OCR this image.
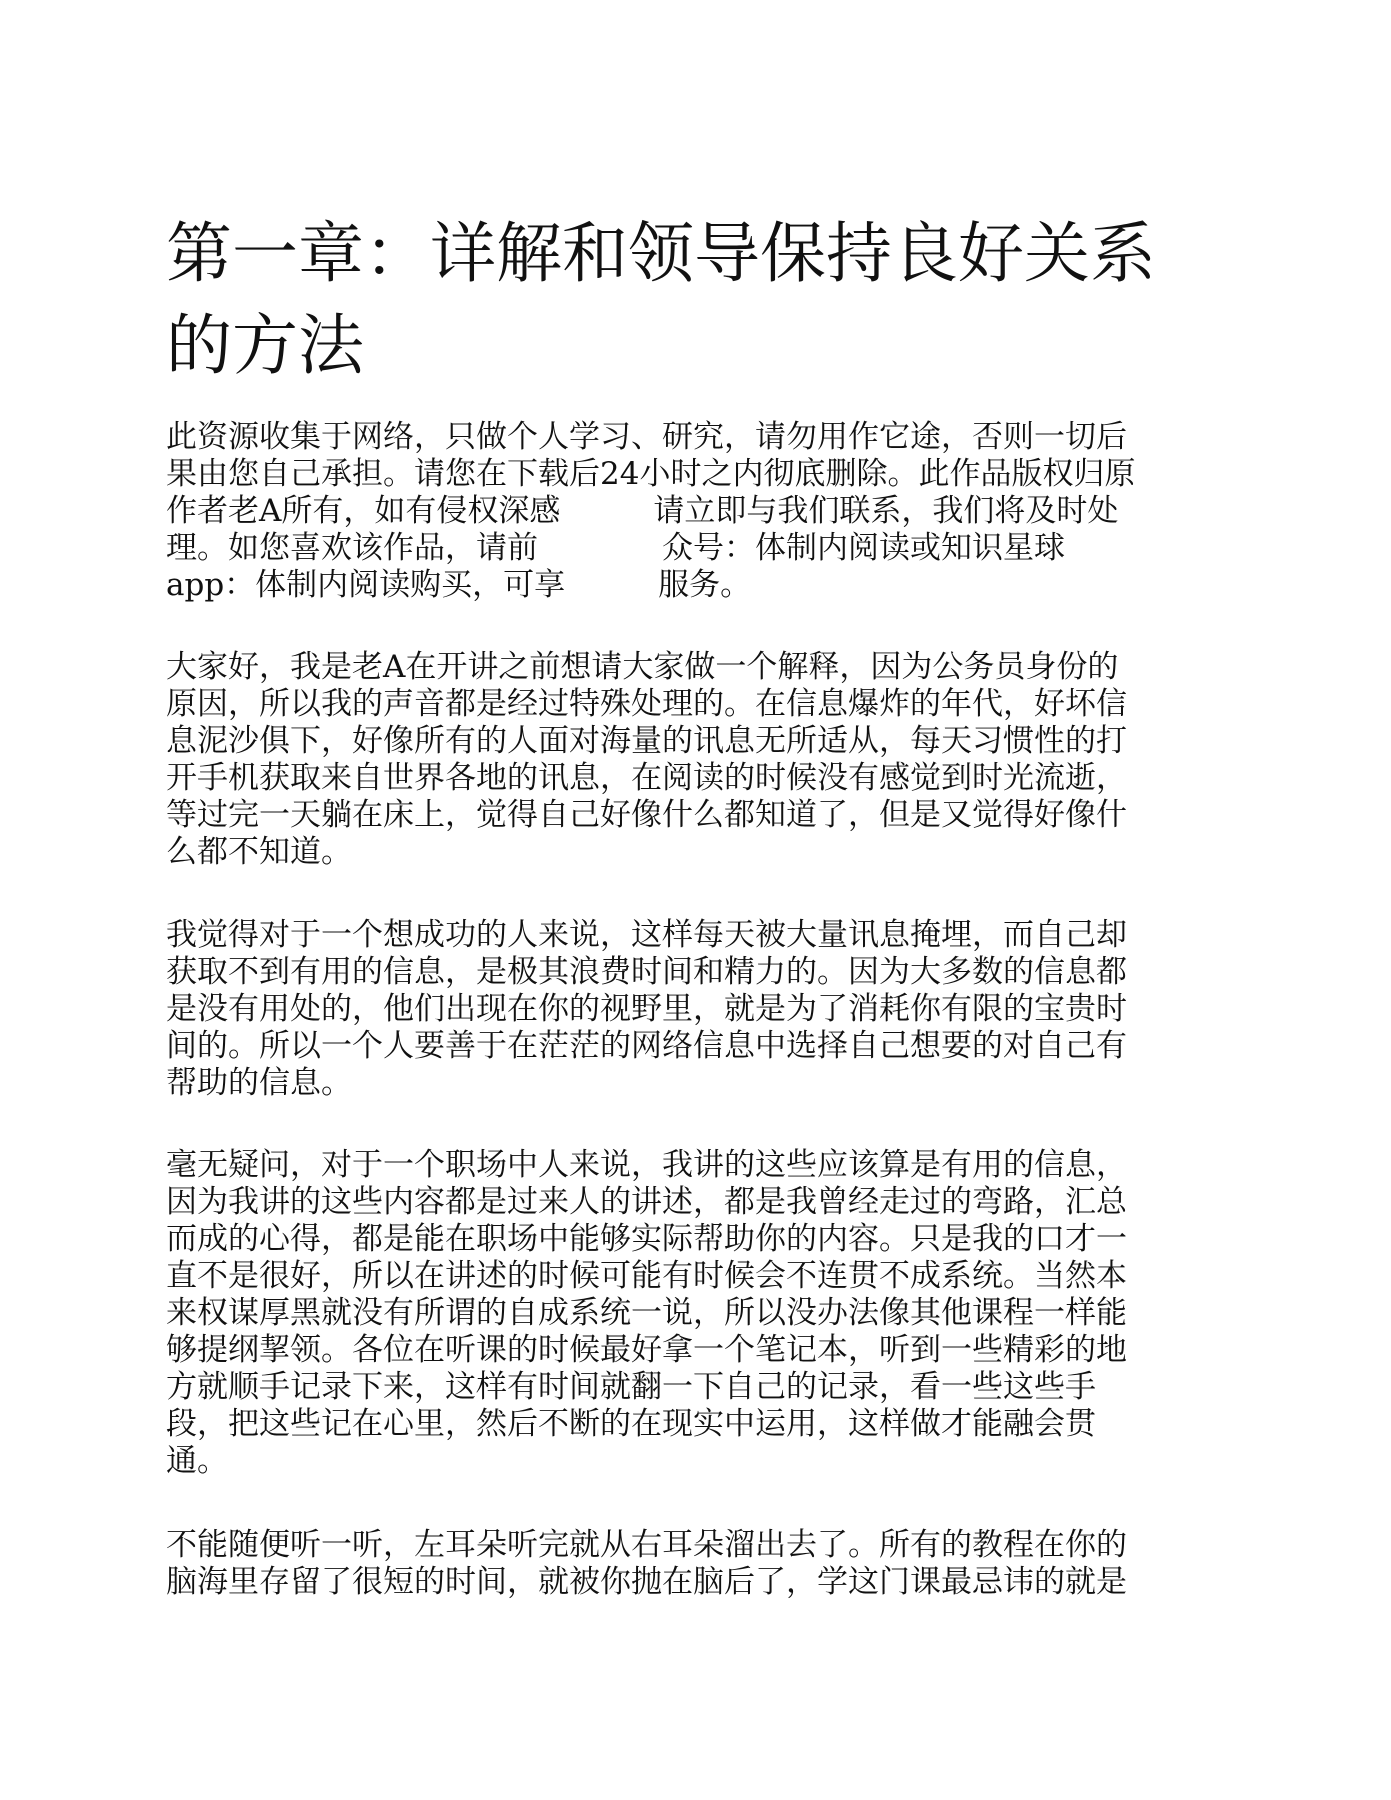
第一章：详解和领导保持良好关系
的方法
此资源收集于网络，只做个人学习、研究，请勿用作它途，否则一切后
果由您自己承担。请您在下载后24小时之内彻底删除。此作品版权归原
作者老A所有，如有侵权深感　　　请立即与我们联系，我们将及时处
理。如您喜欢该作品，请前　　　　众号：体制内阅读或知识星球
app：体制内阅读购买，可享　　　服务。
大家好，我是老A在开讲之前想请大家做一个解释，因为公务员身份的
原因，所以我的声音都是经过特殊处理的。在信息爆炸的年代，好坏信
息泥沙俱下，好像所有的人面对海量的讯息无所适从，每天习惯性的打
开手机获取来自世界各地的讯息，在阅读的时候没有感觉到时光流逝，
等过完一天躺在床上，觉得自己好像什么都知道了，但是又觉得好像什
么都不知道。
我觉得对于一个想成功的人来说，这样每天被大量讯息掩埋，而自己却
获取不到有用的信息，是极其浪费时间和精力的。因为大多数的信息都
是没有用处的，他们出现在你的视野里，就是为了消耗你有限的宝贵时
间的。所以一个人要善于在茫茫的网络信息中选择自己想要的对自己有
帮助的信息。
毫无疑问，对于一个职场中人来说，我讲的这些应该算是有用的信息，
因为我讲的这些内容都是过来人的讲述，都是我曾经走过的弯路，汇总
而成的心得，都是能在职场中能够实际帮助你的内容。只是我的口才一
直不是很好，所以在讲述的时候可能有时候会不连贯不成系统。当然本
来权谋厚黑就没有所谓的自成系统一说，所以没办法像其他课程一样能
够提纲挈领。各位在听课的时候最好拿一个笔记本，听到一些精彩的地
方就顺手记录下来，这样有时间就翻一下自己的记录，看一些这些手
段，把这些记在心里，然后不断的在现实中运用，这样做才能融会贯
通。
不能随便听一听，左耳朵听完就从右耳朵溜出去了。所有的教程在你的
脑海里存留了很短的时间，就被你抛在脑后了，学这门课最忌讳的就是
